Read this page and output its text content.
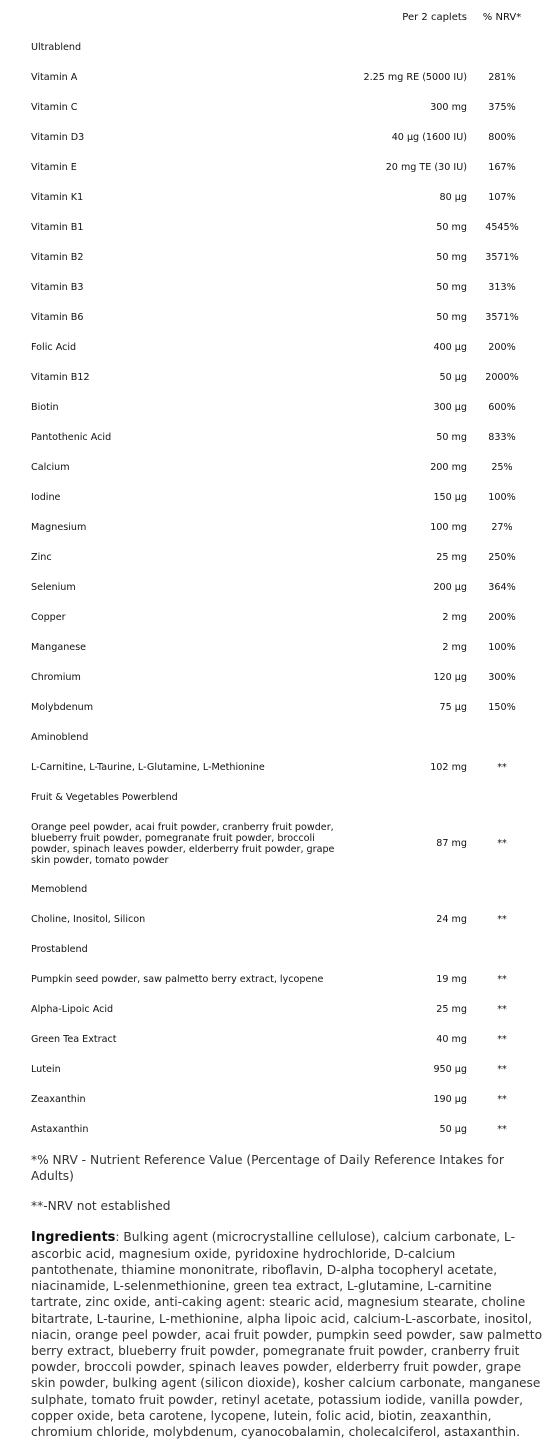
	Per 2 caplets	% NRV*
Ultrablend		
Vitamin A	2.25 mg RE (5000 IU)	281%
Vitamin C	300 mg	375%
Vitamin D3	40 µg (1600 IU)	800%
Vitamin E	20 mg TE (30 IU)	167%
Vitamin K1	80 µg	107%
Vitamin B1	50 mg	4545%
Vitamin B2	50 mg	3571%
Vitamin B3	50 mg	313%
Vitamin B6	50 mg	3571%
Folic Acid	400 µg	200%
Vitamin B12	50 µg	2000%
Biotin	300 µg	600%
Pantothenic Acid	50 mg	833%
Calcium	200 mg	25%
Iodine	150 µg	100%
Magnesium	100 mg	27%
Zinc	25 mg	250%
Selenium	200 µg	364%
Copper	2 mg	200%
Manganese	2 mg	100%
Chromium	120 µg	300%
Molybdenum	75 µg	150%
Aminoblend		
L-Carnitine, L-Taurine, L-Glutamine, L-Methionine	102 mg	**
Fruit & Vegetables Powerblend		
Orange peel powder, acai fruit powder, cranberry fruit powder, blueberry fruit powder, pomegranate fruit powder, broccoli powder, spinach leaves powder, elderberry fruit powder, grape skin powder, tomato powder	87 mg	**
Memoblend		
Choline, Inositol, Silicon	24 mg	**
Prostablend		
Pumpkin seed powder, saw palmetto berry extract, lycopene	19 mg	**
Alpha-Lipoic Acid	25 mg	**
Green Tea Extract	40 mg	**
Lutein	950 µg	**
Zeaxanthin	190 µg	**
Astaxanthin	50 µg	**

*% NRV - Nutrient Reference Value (Percentage of Daily Reference Intakes for Adults)

**-NRV not established

Ingredients: Bulking agent (microcrystalline cellulose), calcium carbonate, L-ascorbic acid, magnesium oxide, pyridoxine hydrochloride, D-calcium pantothenate, thiamine mononitrate, riboflavin, D-alpha tocopheryl acetate, niacinamide, L-selenmethionine, green tea extract, L-glutamine, L-carnitine tartrate, zinc oxide, anti-caking agent: stearic acid, magnesium stearate, choline bitartrate, L-taurine, L-methionine, alpha lipoic acid, calcium-L-ascorbate, inositol, niacin, orange peel powder, acai fruit powder, pumpkin seed powder, saw palmetto berry extract, blueberry fruit powder, pomegranate fruit powder, cranberry fruit powder, broccoli powder, spinach leaves powder, elderberry fruit powder, grape skin powder, bulking agent (silicon dioxide), kosher calcium carbonate, manganese sulphate, tomato fruit powder, retinyl acetate, potassium iodide, vanilla powder, copper oxide, beta carotene, lycopene, lutein, folic acid, biotin, zeaxanthin, chromium chloride, molybdenum, cyanocobalamin, cholecalciferol, astaxanthin.
